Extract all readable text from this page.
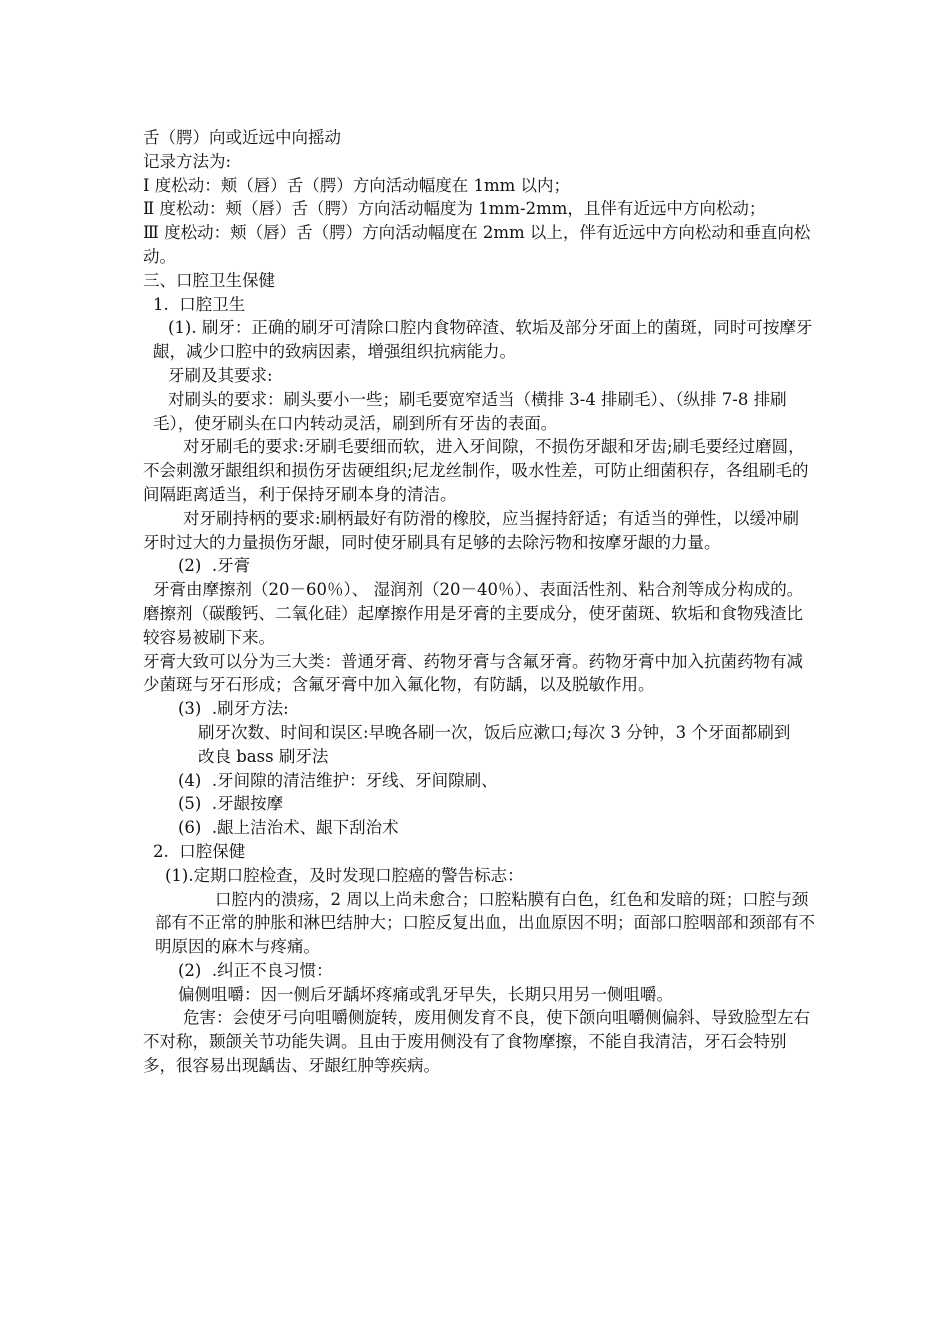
舌（腭）向或近远中向摇动

记录方法为:

Ⅰ 度松动：颊（唇）舌（腭）方向活动幅度在 1mm 以内；

Ⅱ 度松动：颊（唇）舌（腭）方向活动幅度为 1mm-2mm，且伴有近远中方向松动；

Ⅲ 度松动：颊（唇）舌（腭）方向活动幅度在 2mm 以上，伴有近远中方向松动和垂直向松动。

三、口腔卫生保健

1.  口腔卫生

(1). 刷牙：正确的刷牙可清除口腔内食物碎渣、软垢及部分牙面上的菌斑，同时可按摩牙龈，减少口腔中的致病因素，增强组织抗病能力。

牙刷及其要求:

对刷头的要求：刷头要小一些；刷毛要宽窄适当（横排 3-4 排刷毛）、（纵排 7-8 排刷毛），使牙刷头在口内转动灵活，刷到所有牙齿的表面。

对牙刷毛的要求:牙刷毛要细而软，进入牙间隙，不损伤牙龈和牙齿;刷毛要经过磨圆，不会刺激牙龈组织和损伤牙齿硬组织;尼龙丝制作，吸水性差，可防止细菌积存，各组刷毛的间隔距离适当，利于保持牙刷本身的清洁。

对牙刷持柄的要求:刷柄最好有防滑的橡胶，应当握持舒适；有适当的弹性，以缓冲刷牙时过大的力量损伤牙龈，同时使牙刷具有足够的去除污物和按摩牙龈的力量。

(2)  .牙膏

牙膏由摩擦剂（20－60％）、 湿润剂（20－40％）、表面活性剂、粘合剂等成分构成的。磨擦剂（碳酸钙、二氧化硅）起摩擦作用是牙膏的主要成分，使牙菌斑、软垢和食物残渣比较容易被刷下来。

牙膏大致可以分为三大类：普通牙膏、药物牙膏与含氟牙膏。药物牙膏中加入抗菌药物有减少菌斑与牙石形成；含氟牙膏中加入氟化物，有防龋，以及脱敏作用。

(3)  .刷牙方法:

刷牙次数、时间和误区:早晚各刷一次，饭后应漱口;每次 3 分钟，3 个牙面都刷到

改良 bass 刷牙法

(4)  .牙间隙的清洁维护：牙线、牙间隙刷、

(5)  .牙龈按摩

(6)  .龈上洁治术、龈下刮治术

2.  口腔保健

(1).定期口腔检查，及时发现口腔癌的警告标志：

口腔内的溃疡，2 周以上尚未愈合；口腔粘膜有白色，红色和发暗的斑；口腔与颈部有不正常的肿胀和淋巴结肿大；口腔反复出血，出血原因不明；面部口腔咽部和颈部有不明原因的麻木与疼痛。

(2)  .纠正不良习惯：

偏侧咀嚼：因一侧后牙龋坏疼痛或乳牙早失，长期只用另一侧咀嚼。

危害：会使牙弓向咀嚼侧旋转，废用侧发育不良，使下颌向咀嚼侧偏斜、导致脸型左右不对称，颞颌关节功能失调。且由于废用侧没有了食物摩擦，不能自我清洁，牙石会特别多，很容易出现龋齿、牙龈红肿等疾病。
